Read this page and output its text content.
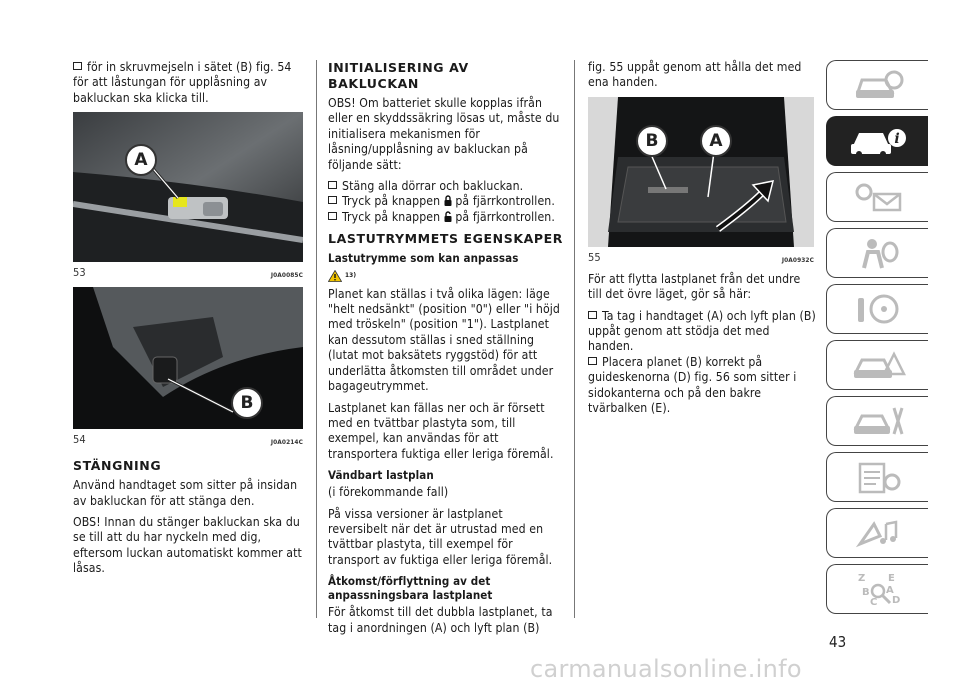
för in skruvmejseln i sätet (B) fig. 54
för att låstungan för upplåsning av bakluckan ska klicka till.

A
53	J0A0085C
B
54	J0A0214C
STÄNGNING

Använd handtaget som sitter på insidan av bakluckan för att stänga den.

OBS! Innan du stänger bakluckan ska du se till att du har nyckeln med dig, eftersom luckan automatiskt kommer att låsas.

INITIALISERING AV BAKLUCKAN

OBS! Om batteriet skulle kopplas ifrån eller en skyddssäkring lösas ut, måste du initialisera mekanismen för låsning/upplåsning av bakluckan på följande sätt:

Stäng alla dörrar och bakluckan.
Tryck på knappen på fjärrkontrollen.
Tryck på knappen på fjärrkontrollen.

LASTUTRYMMETS EGENSKAPER
Lastutrymme som kan anpassas

$^{13)}$

Planet kan ställas i två olika lägen: läge "helt nedsänkt" (position "0") eller "i höjd med tröskeln" (position "1"). Lastplanet kan dessutom ställas i sned ställning (lutat mot baksätets ryggstöd) för att underlätta åtkomsten till området under bagageutrymmet.

Lastplanet kan fällas ner och är försett med en tvättbar plastyta som, till exempel, kan användas för att transportera fuktiga eller leriga föremål.

Vändbart lastplan

(i förekommande fall)

På vissa versioner är lastplanet reversibelt när det är utrustad med en tvättbar plastyta, till exempel för transport av fuktiga eller leriga föremål.

Åtkomst/förflyttning av det anpassningsbara lastplanet

För åtkomst till det dubbla lastplanet, ta tag i anordningen (A) och lyft plan (B)

fig. 55 uppåt genom att hålla det med ena handen.

B	A
55	J0A0932C

För att flytta lastplanet från det undre till det övre läget, gör så här:

Ta tag i handtaget (A) och lyft plan (B) uppåt genom att stödja det med handen.
Placera planet (B) korrekt på guideskenorna (D) fig. 56 som sitter i sidokanterna och på den bakre tvärbalken (E).

i
Z E
B A
C D
43
carmanualsonline.info
